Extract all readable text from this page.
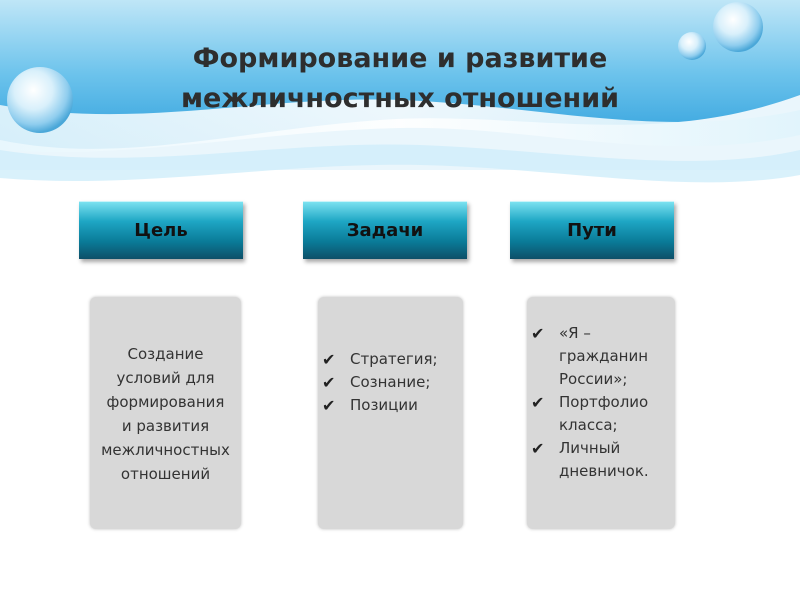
Формирование и развитие
межличностных отношений
Цель	Задачи	Пути
Создание
условий для
формирования
и развития
межличностных
отношений
✔ Стратегия;
✔ Сознание;
✔ Позиции
✔ «Я –
гражданин
России»;
✔ Портфолио
класса;
✔ Личный
дневничок.
